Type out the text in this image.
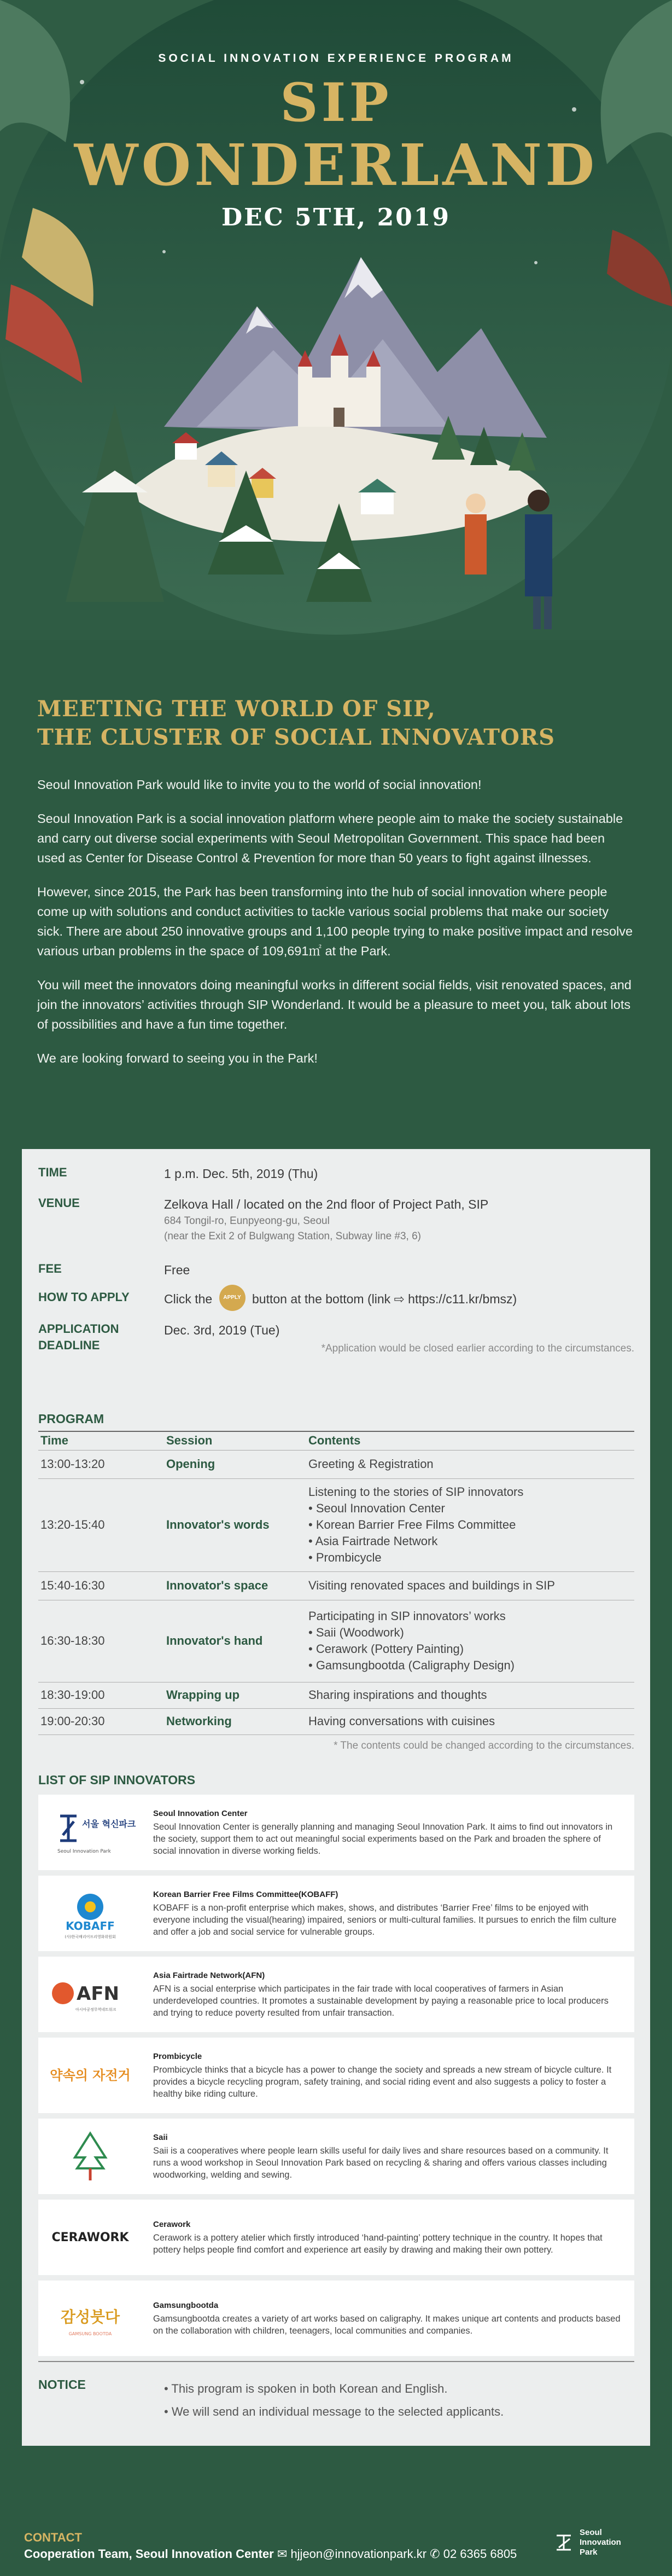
SOCIAL INNOVATION EXPERIENCE PROGRAM
SIP
WONDERLAND
DEC 5TH, 2019
MEETING THE WORLD OF SIP,
THE CLUSTER OF SOCIAL INNOVATORS

Seoul Innovation Park would like to invite you to the world of social innovation!

Seoul Innovation Park is a social innovation platform where people aim to make the society sustainable and carry out diverse social experiments with Seoul Metropolitan Government. This space had been used as Center for Disease Control & Prevention for more than 50 years to fight against illnesses.

However, since 2015, the Park has been transforming into the hub of social innovation where people come up with solutions and conduct activities to tackle various social problems that make our society sick. There are about 250 innovative groups and 1,100 people trying to make positive impact and resolve various urban problems in the space of 109,691㎡ at the Park.

You will meet the innovators doing meaningful works in different social fields, visit renovated spaces, and join the innovators’ activities through SIP Wonderland. It would be a pleasure to meet you, talk about lots of possibilities and have a fun time together.

We are looking forward to seeing you in the Park!

TIME	1 p.m. Dec. 5th, 2019 (Thu)
VENUE	Zelkova Hall / located on the 2nd floor of Project Path, SIP
684 Tongil-ro, Eunpyeong-gu, Seoul
(near the Exit 2 of Bulgwang Station, Subway line #3, 6)
FEE	Free
HOW TO APPLY	Click the APPLY button at the bottom (link ⇨ https://c11.kr/bmsz)
APPLICATION
DEADLINE
Dec. 3rd, 2019 (Tue)
*Application would be closed earlier according to the circumstances.
PROGRAM
Time	Session	Contents
13:00-13:20	Opening	Greeting & Registration
13:20-15:40	Innovator's words	Listening to the stories of SIP innovators
• Seoul Innovation Center
• Korean Barrier Free Films Committee
• Asia Fairtrade Network
• Prombicycle

15:40-16:30	Innovator's space	Visiting renovated spaces and buildings in SIP
16:30-18:30	Innovator's hand	Participating in SIP innovators’ works
• Saii (Woodwork)
• Cerawork (Pottery Painting)
• Gamsungbootda (Caligraphy Design)

18:30-19:00	Wrapping up	Sharing inspirations and thoughts
19:00-20:30	Networking	Having conversations with cuisines
* The contents could be changed according to the circumstances.
LIST OF SIP INNOVATORS
서울 혁신파크
Seoul Innovation Park
Seoul Innovation Center
Seoul Innovation Center is generally planning and managing Seoul Innovation Park. It aims to find out innovators in the society, support them to act out meaningful social experiments based on the Park and broaden the sphere of social innovation in diverse working fields.
KOBAFF
(사)한국배리어프리영화위원회
Korean Barrier Free Films Committee(KOBAFF)
KOBAFF is a non-profit enterprise which makes, shows, and distributes ‘Barrier Free’ films to be enjoyed with everyone including the visual(hearing) impaired, seniors or multi-cultural families. It pursues to enrich the film culture and offer a job and social service for vulnerable groups.
AFN
아시아공정무역네트워크
Asia Fairtrade Network(AFN)
AFN is a social enterprise which participates in the fair trade with local cooperatives of farmers in Asian underdeveloped countries. It promotes a sustainable development by paying a reasonable price to local producers and trying to reduce poverty resulted from unfair transaction.
약속의 자전거
Prombicycle
Prombicycle thinks that a bicycle has a power to change the society and spreads a new stream of bicycle culture. It provides a bicycle recycling program, safety training, and social riding event and also suggests a policy to foster a healthy bike riding culture.
Saii
Saii is a cooperatives where people learn skills useful for daily lives and share resources based on a community. It runs a wood workshop in Seoul Innovation Park based on recycling & sharing and offers various classes including woodworking, welding and sewing.
CERAWORK
Cerawork
Cerawork is a pottery atelier which firstly introduced ‘hand-painting’ pottery technique in the country. It hopes that pottery helps people find comfort and experience art easily by drawing and making their own pottery.
감성붓다
GAMSUNG BOOTDA
Gamsungbootda
Gamsungbootda creates a variety of art works based on caligraphy. It makes unique art contents and products based on the collaboration with children, teenagers, local communities and companies.
NOTICE	• This program is spoken in both Korean and English.
• We will send an individual message to the selected applicants.
CONTACT
Cooperation Team, Seoul Innovation Center ✉ hjjeon@innovationpark.kr ✆ 02 6365 6805
Seoul
Innovation
Park
